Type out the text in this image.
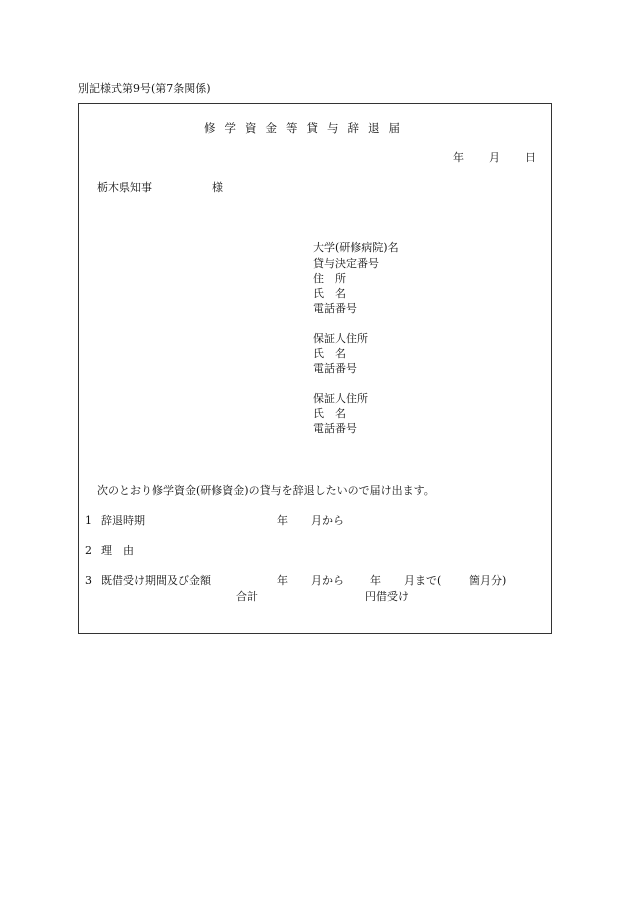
別記様式第9号(第7条関係)
修学資金等貸与辞退届
年 月 日
栃木県知事	様
大学(研修病院)名
貸与決定番号
住　所
氏　名
電話番号
保証人住所
氏　名
電話番号
保証人住所
氏　名
電話番号
次のとおり修学資金(研修資金)の貸与を辞退したいので届け出ます。
1 辞退時期	年 月から
2 理　由
3 既借受け期間及び金額	年 月から 年 月まで(	箇月分)
合計	円借受け
